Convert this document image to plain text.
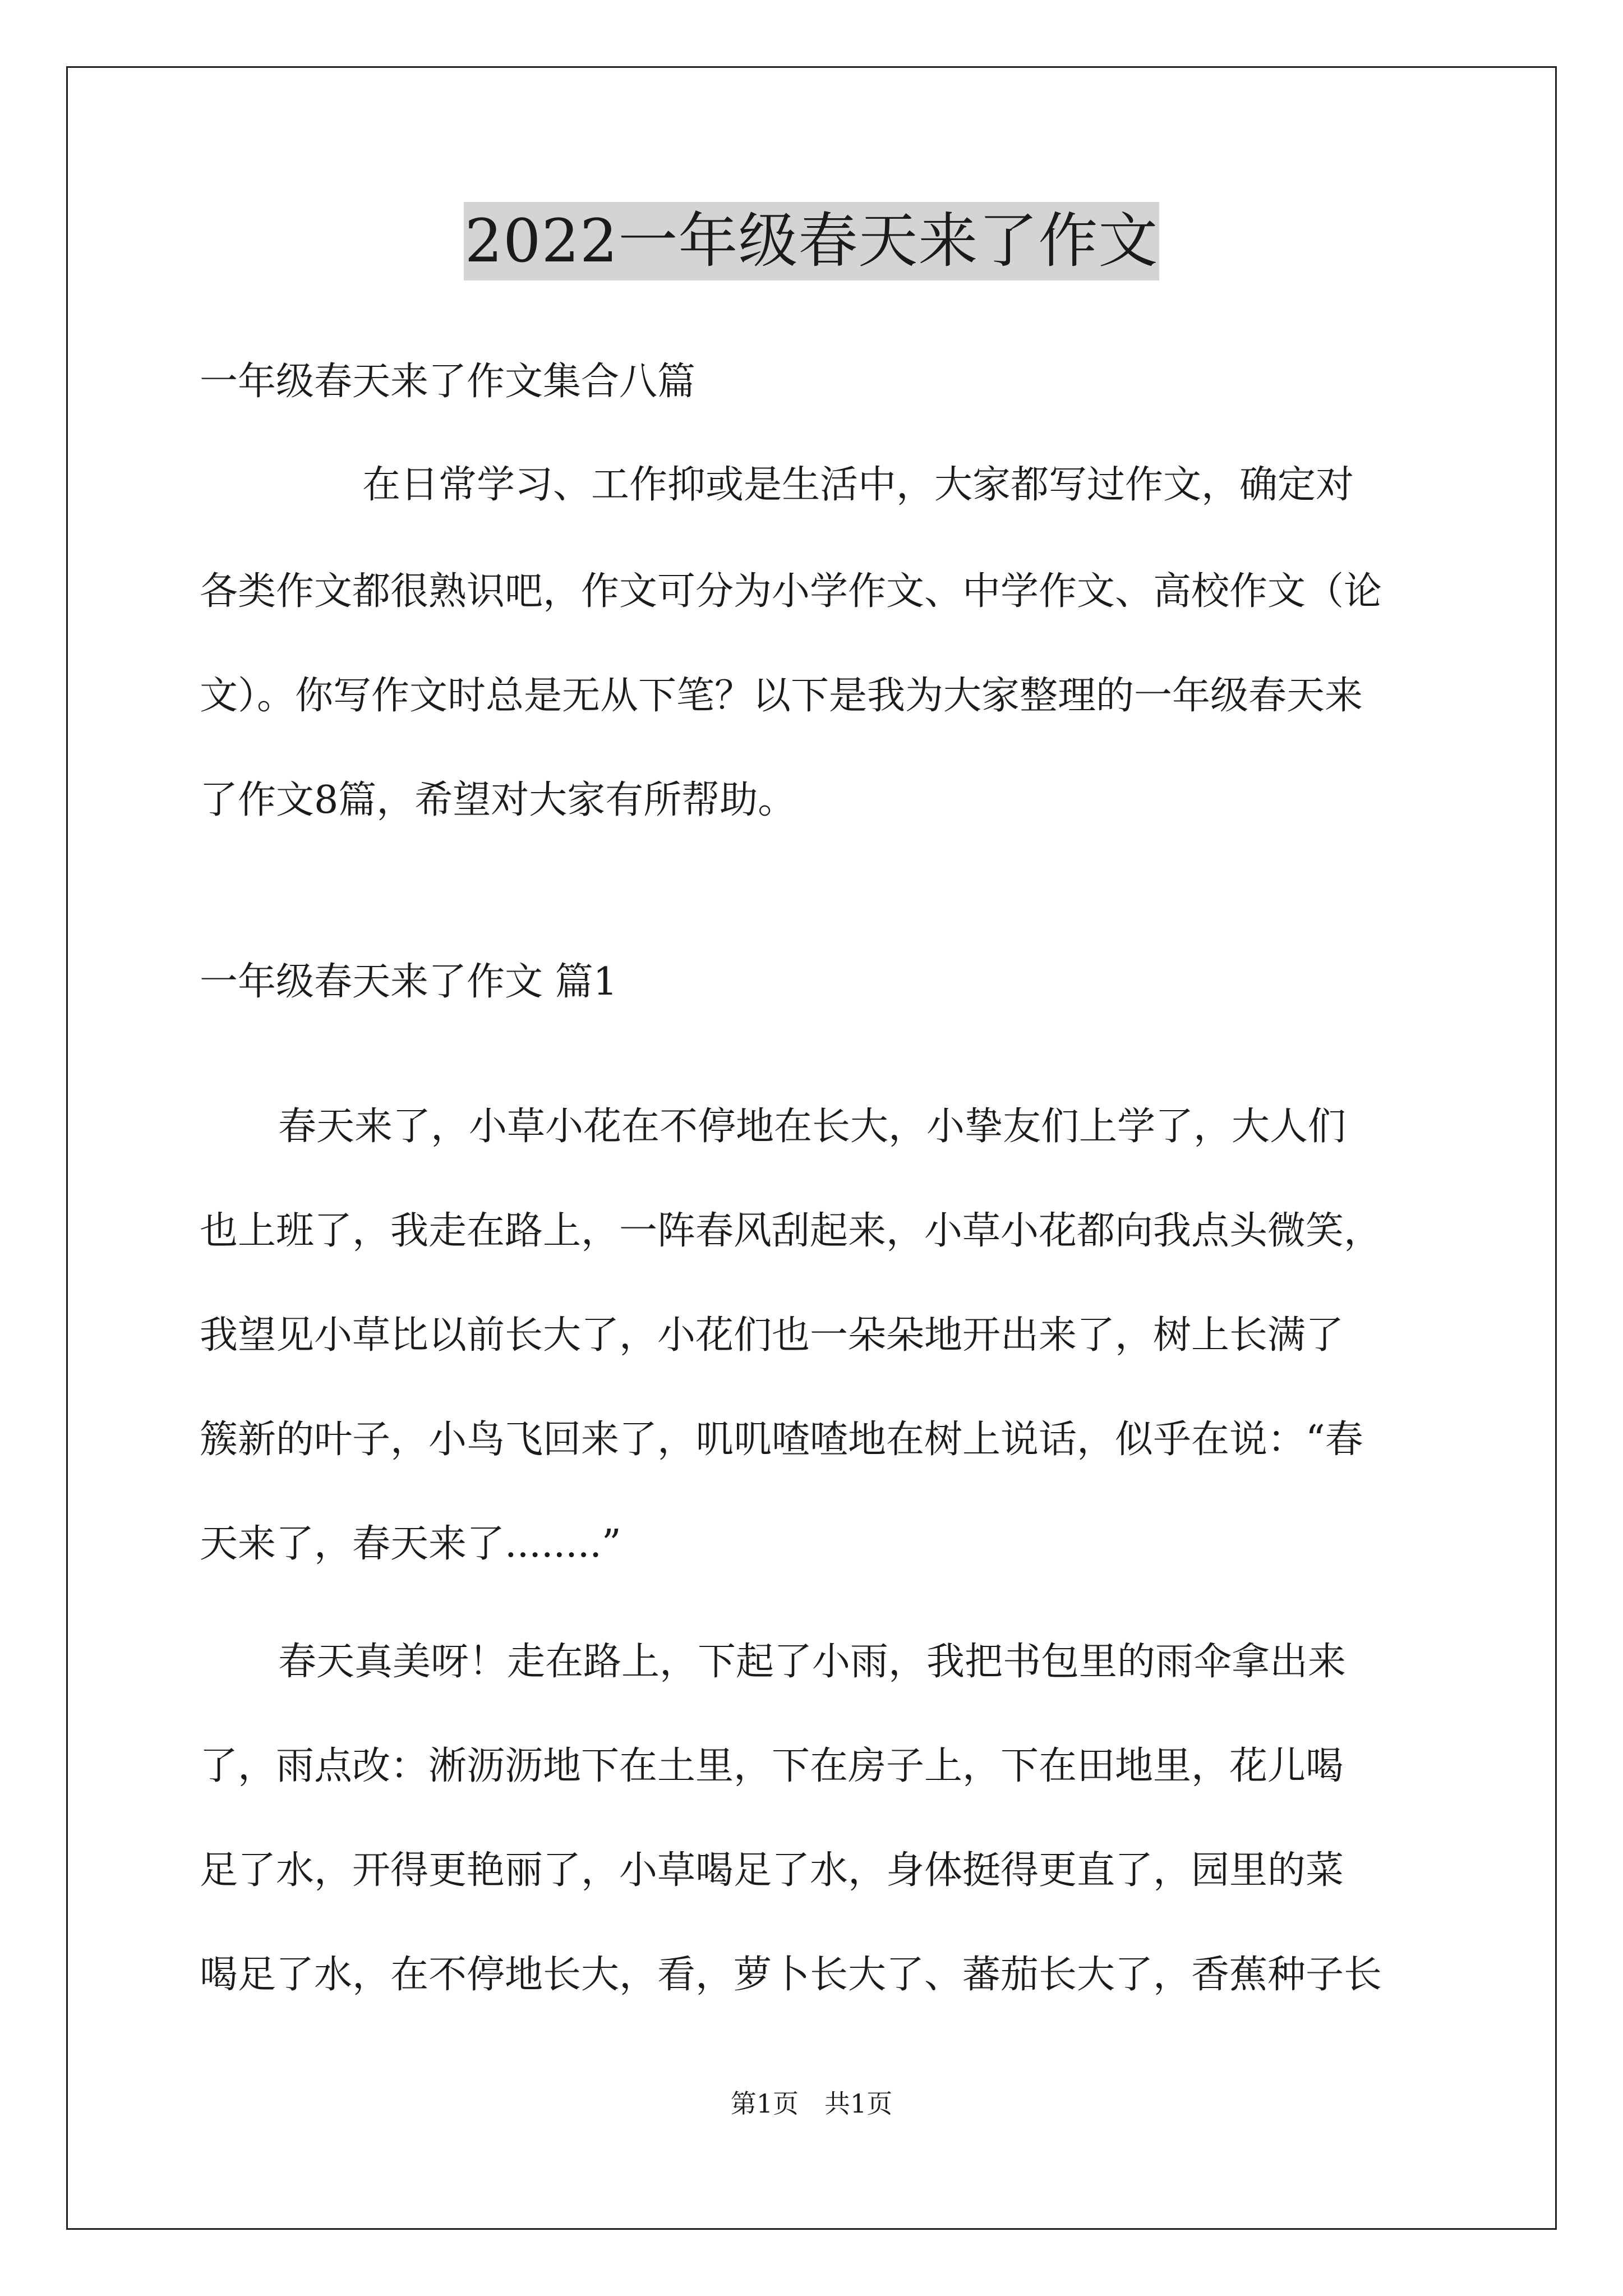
2022一年级春天来了作文
一年级春天来了作文集合八篇
在日常学习、工作抑或是生活中，大家都写过作文，确定对
各类作文都很熟识吧，作文可分为小学作文、中学作文、高校作文（论
文）。你写作文时总是无从下笔？以下是我为大家整理的一年级春天来
了作文8篇，希望对大家有所帮助。
一年级春天来了作文 篇1
春天来了，小草小花在不停地在长大，小挚友们上学了，大人们
也上班了，我走在路上，一阵春风刮起来，小草小花都向我点头微笑，
我望见小草比以前长大了，小花们也一朵朵地开出来了，树上长满了
簇新的叶子，小鸟飞回来了，叽叽喳喳地在树上说话，似乎在说：“春
天来了，春天来了........”
春天真美呀！走在路上，下起了小雨，我把书包里的雨伞拿出来
了，雨点改：淅沥沥地下在土里，下在房子上，下在田地里，花儿喝
足了水，开得更艳丽了，小草喝足了水，身体挺得更直了，园里的菜
喝足了水，在不停地长大，看，萝卜长大了、蕃茄长大了，香蕉种子长
第1页　共1页
